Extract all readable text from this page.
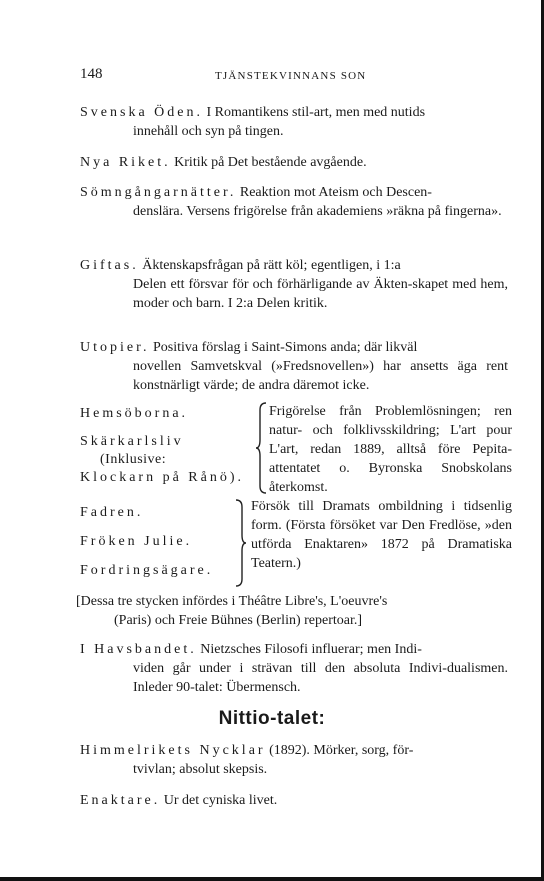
148	TJÄNSTEKVINNANS SON
Svenska Öden. I Romantikens stil-art, men med nutids
innehåll och syn på tingen.
Nya Riket. Kritik på Det bestående avgående.
Sömngångarnätter. Reaktion mot Ateism och Descen-
denslära. Versens frigörelse från akademiens »räkna på fingerna».
Giftas. Äktenskapsfrågan på rätt köl; egentligen, i 1:a
Delen ett försvar för och förhärligande av Äkten-skapet med hem, moder och barn. I 2:a Delen kritik.
Utopier. Positiva förslag i Saint-Simons anda; där likväl
novellen Samvetskval (»Fredsnovellen») har ansetts äga rent konstnärligt värde; de andra däremot icke.
Hemsöborna.
Skärkarlsliv
(Inklusive:
Klockarn på Rånö).
Frigörelse från Problemlösningen; ren natur- och folklivsskildring; L'art pour L'art, redan 1889, alltså före Pepita-attentatet o. Byronska Snobskolans återkomst.
Fadren.
Fröken Julie.
Fordringsägare.
Försök till Dramats ombildning i tidsenlig form. (Första försöket var Den Fredlöse, »den utförda Enaktaren» 1872 på Dramatiska Teatern.)
[Dessa tre stycken infördes i Théâtre Libre's, L'oeuvre's
(Paris) och Freie Bühnes (Berlin) repertoar.]
I Havsbandet. Nietzsches Filosofi influerar; men Indi-
viden går under i strävan till den absoluta Indivi-dualismen. Inleder 90-talet: Übermensch.
Nittio-talet:
Himmelrikets Nycklar (1892). Mörker, sorg, för-
tvivlan; absolut skepsis.
Enaktare. Ur det cyniska livet.
